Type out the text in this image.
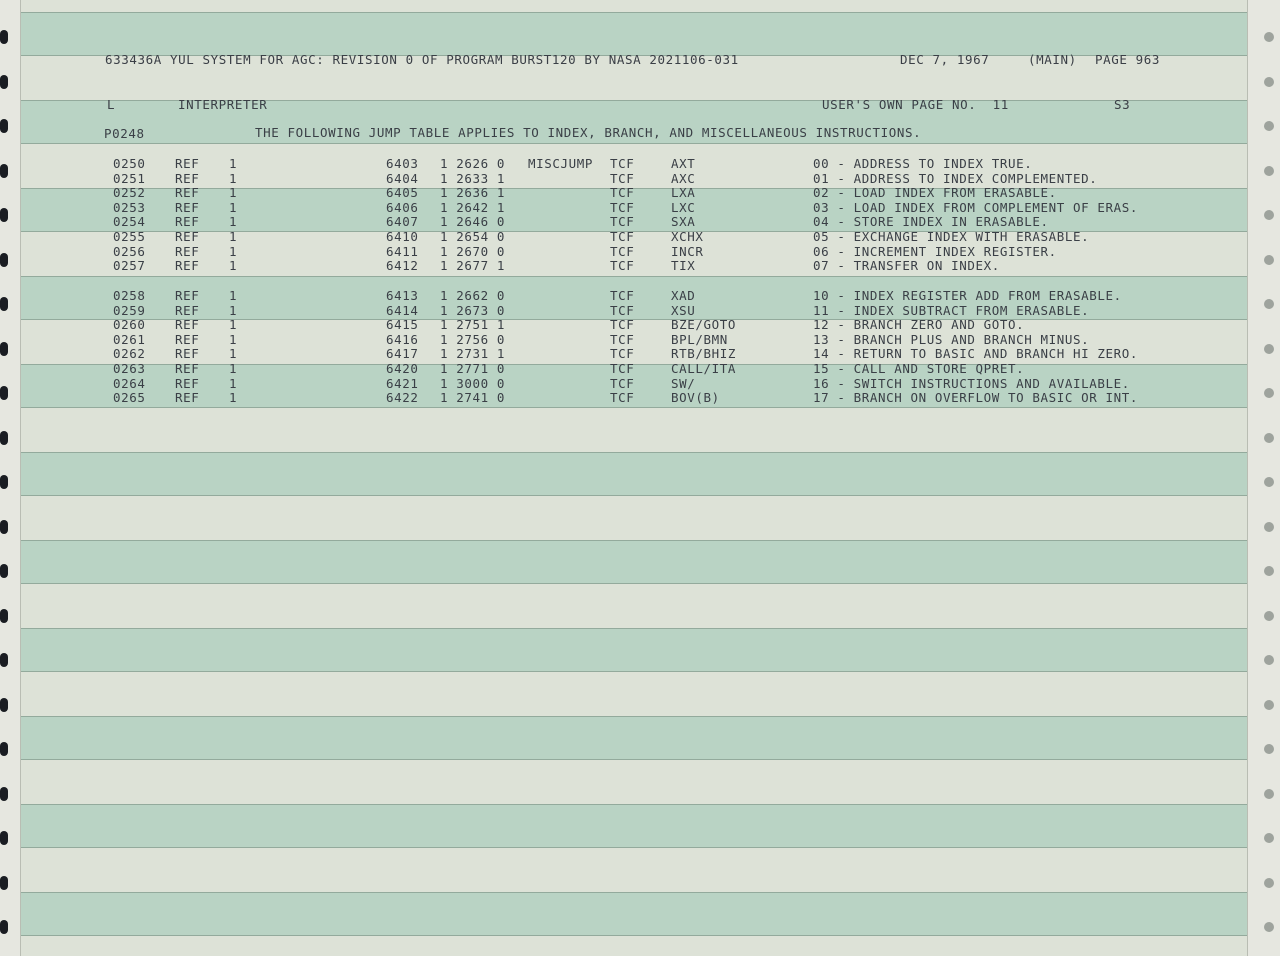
633436A YUL SYSTEM FOR AGC: REVISION 0 OF PROGRAM BURST120 BY NASA 2021106-031	DEC 7, 1967	(MAIN) PAGE 963
L	INTERPRETER	USER'S OWN PAGE NO.  11	S3
P0248	THE FOLLOWING JUMP TABLE APPLIES TO INDEX, BRANCH, AND MISCELLANEOUS INSTRUCTIONS.
0250 REF 1	6403 1 2626 0 MISCJUMP TCF	AXT	00 - ADDRESS TO INDEX TRUE.
0251 REF 1	6404 1 2633 1	TCF	AXC	01 - ADDRESS TO INDEX COMPLEMENTED.
0252 REF 1	6405 1 2636 1	TCF	LXA	02 - LOAD INDEX FROM ERASABLE.
0253 REF 1	6406 1 2642 1	TCF	LXC	03 - LOAD INDEX FROM COMPLEMENT OF ERAS.
0254 REF 1	6407 1 2646 0	TCF	SXA	04 - STORE INDEX IN ERASABLE.
0255 REF 1	6410 1 2654 0	TCF	XCHX	05 - EXCHANGE INDEX WITH ERASABLE.
0256 REF 1	6411 1 2670 0	TCF	INCR	06 - INCREMENT INDEX REGISTER.
0257 REF 1	6412 1 2677 1	TCF	TIX	07 - TRANSFER ON INDEX.
0258 REF 1	6413 1 2662 0	TCF	XAD	10 - INDEX REGISTER ADD FROM ERASABLE.
0259 REF 1	6414 1 2673 0	TCF	XSU	11 - INDEX SUBTRACT FROM ERASABLE.
0260 REF 1	6415 1 2751 1	TCF	BZE/GOTO	12 - BRANCH ZERO AND GOTO.
0261 REF 1	6416 1 2756 0	TCF	BPL/BMN	13 - BRANCH PLUS AND BRANCH MINUS.
0262 REF 1	6417 1 2731 1	TCF	RTB/BHIZ	14 - RETURN TO BASIC AND BRANCH HI ZERO.
0263 REF 1	6420 1 2771 0	TCF	CALL/ITA	15 - CALL AND STORE QPRET.
0264 REF 1	6421 1 3000 0	TCF	SW/	16 - SWITCH INSTRUCTIONS AND AVAILABLE.
0265 REF 1	6422 1 2741 0	TCF	BOV(B)	17 - BRANCH ON OVERFLOW TO BASIC OR INT.
